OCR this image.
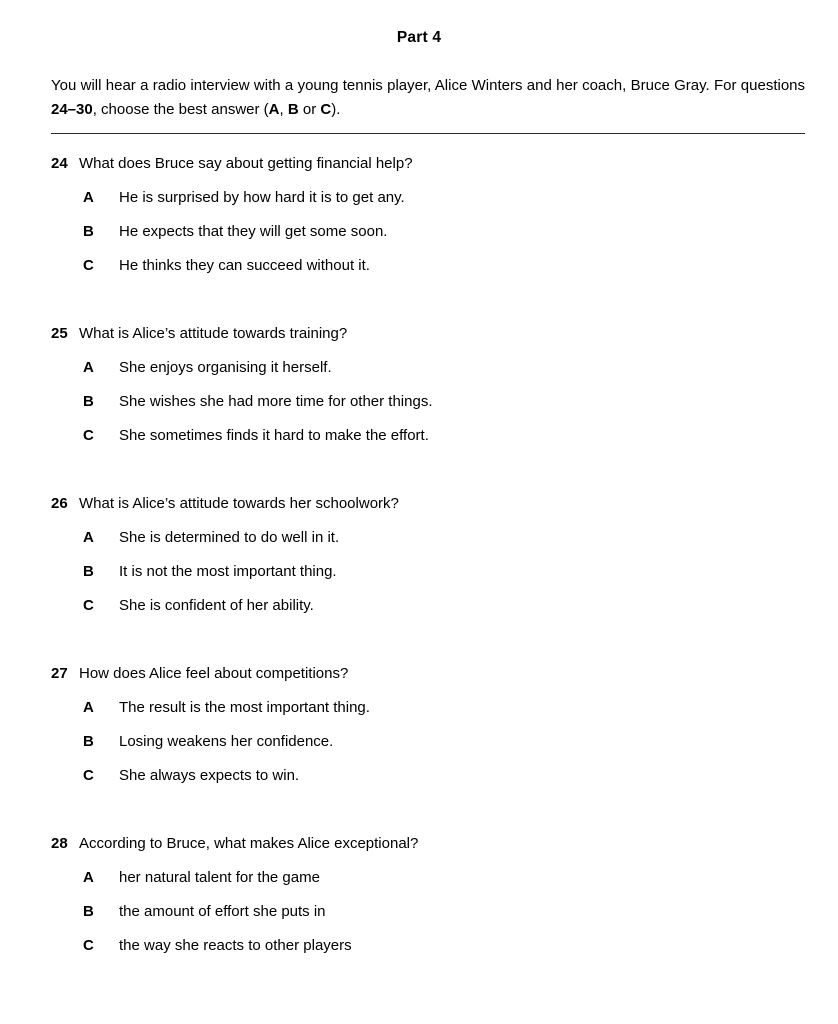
Part 4

You will hear a radio interview with a young tennis player, Alice Winters and her coach, Bruce Gray. For questions 24–30, choose the best answer (A, B or C).

24 What does Bruce say about getting financial help?
A	He is surprised by how hard it is to get any.
B	He expects that they will get some soon.
C	He thinks they can succeed without it.
25 What is Alice’s attitude towards training?
A	She enjoys organising it herself.
B	She wishes she had more time for other things.
C	She sometimes finds it hard to make the effort.
26 What is Alice’s attitude towards her schoolwork?
A	She is determined to do well in it.
B	It is not the most important thing.
C	She is confident of her ability.
27 How does Alice feel about competitions?
A	The result is the most important thing.
B	Losing weakens her confidence.
C	She always expects to win.
28 According to Bruce, what makes Alice exceptional?
A	her natural talent for the game
B	the amount of effort she puts in
C	the way she reacts to other players
